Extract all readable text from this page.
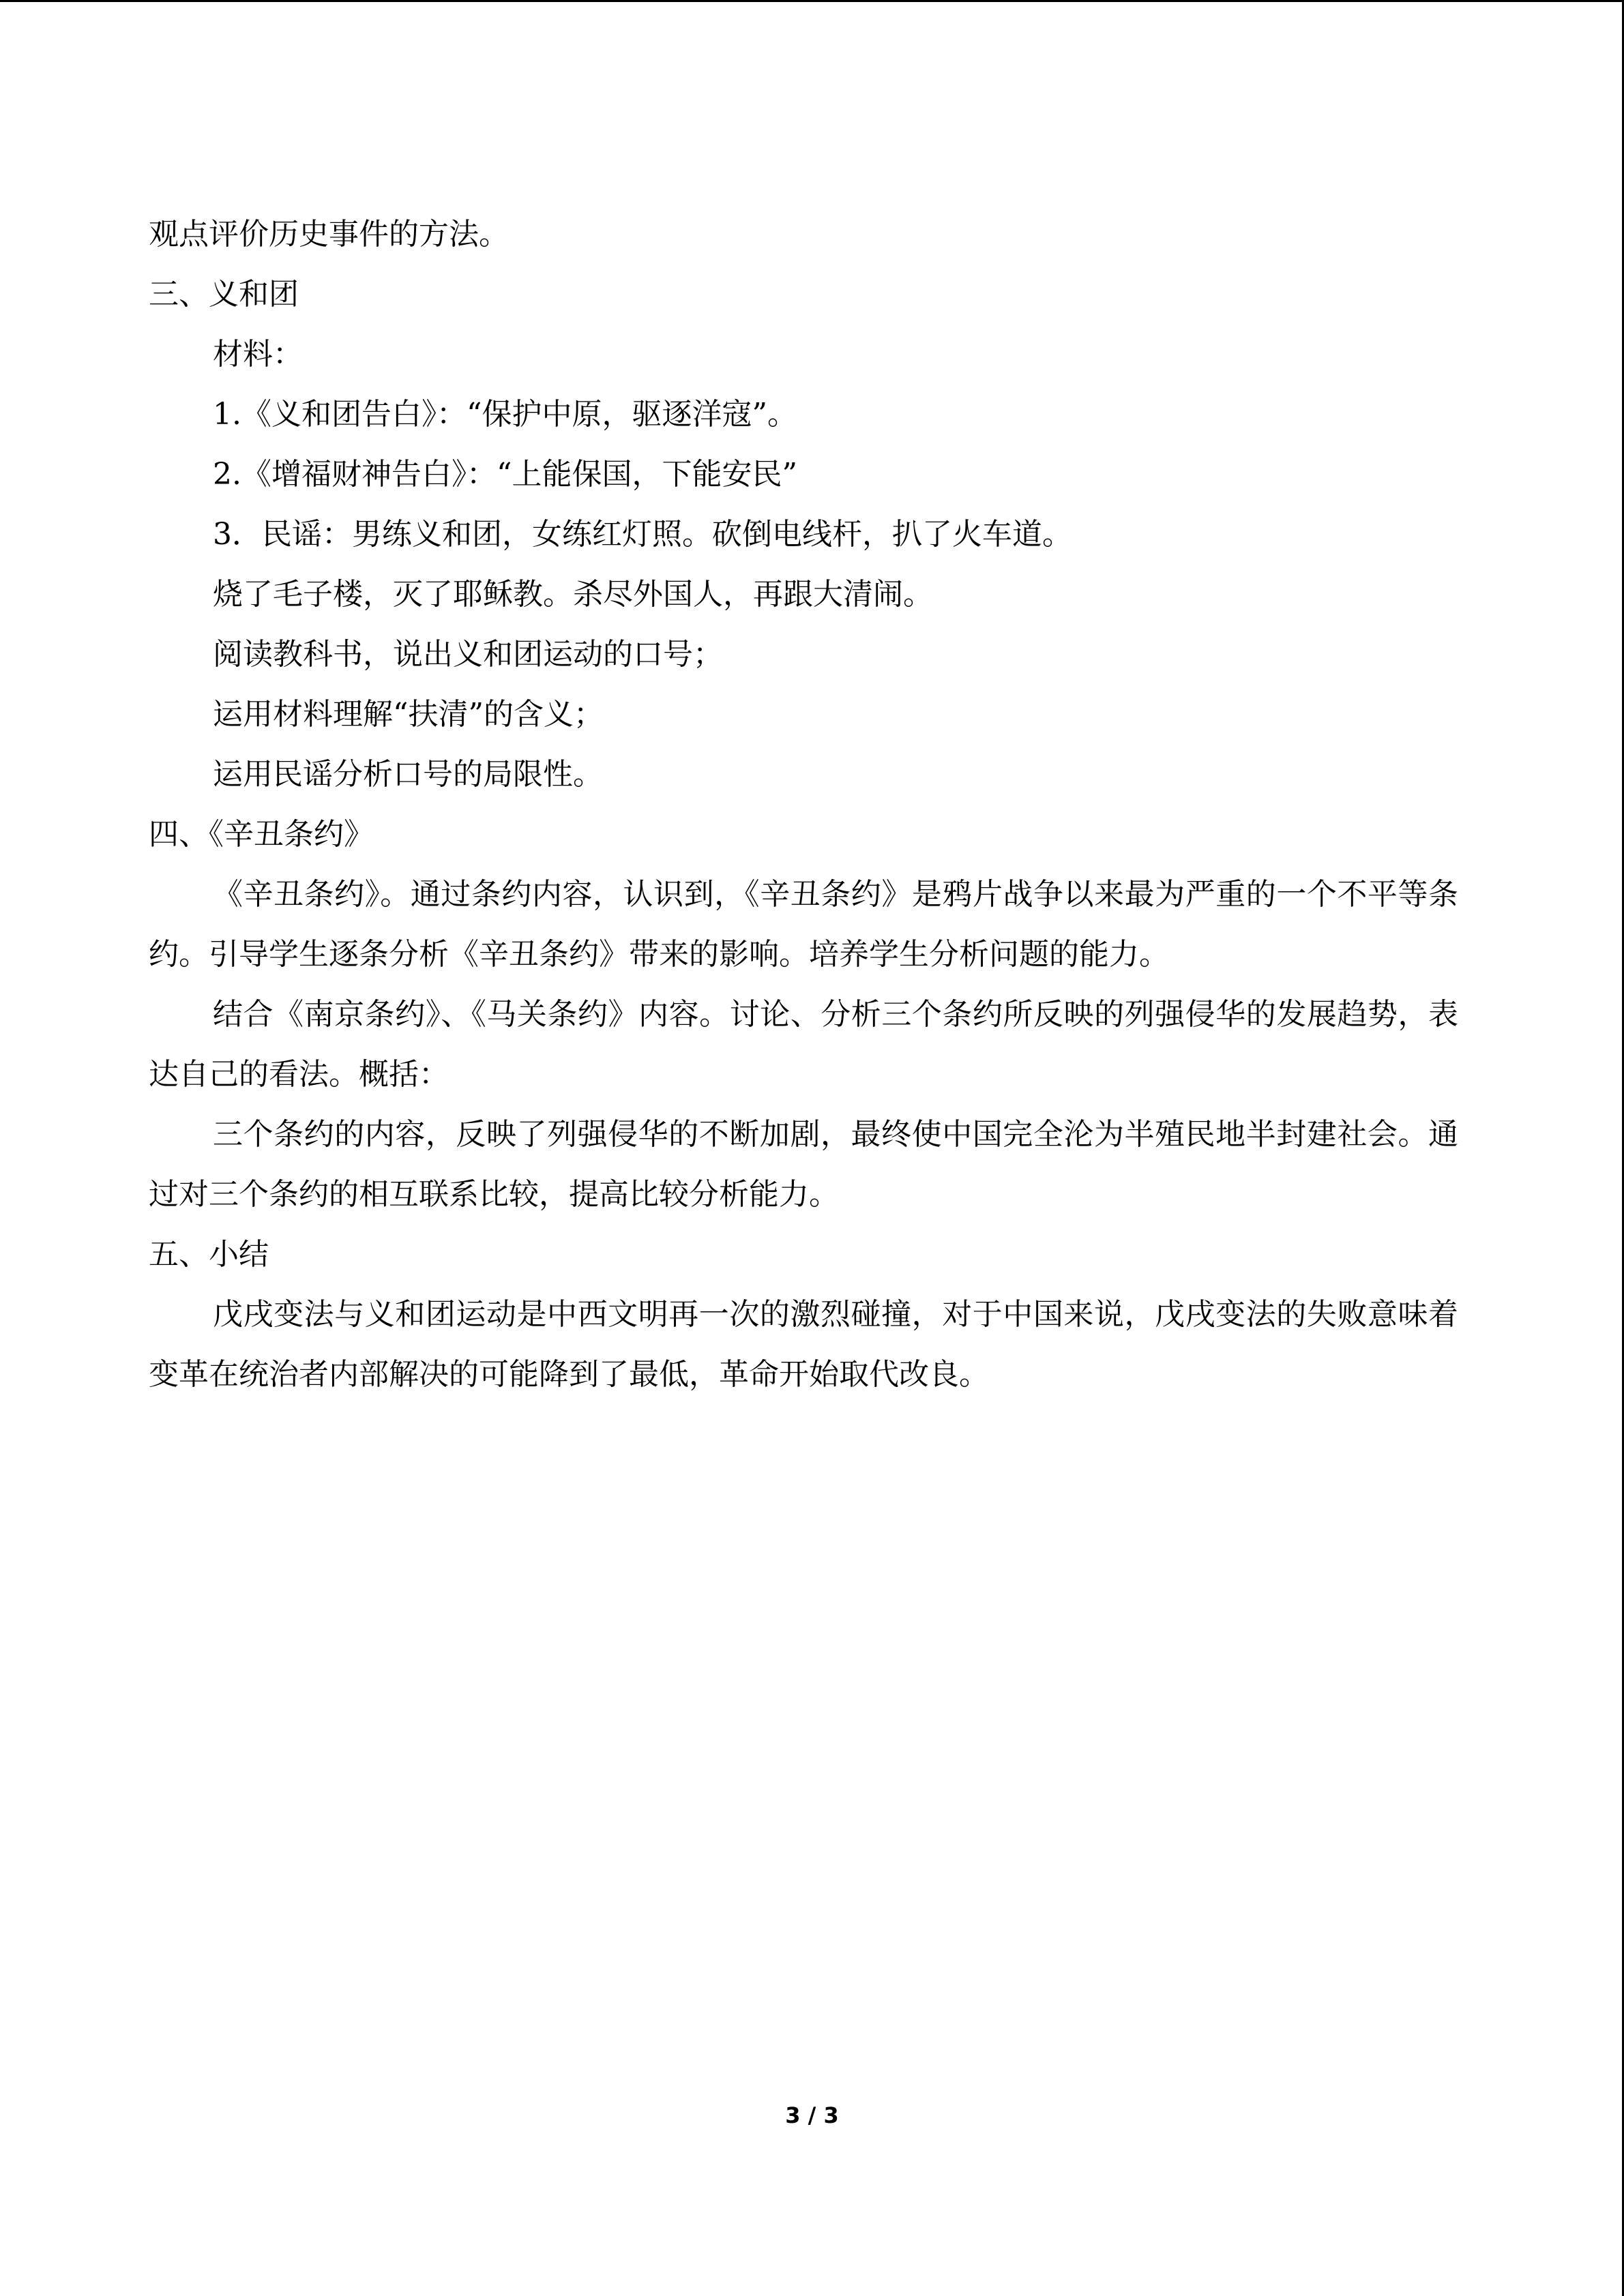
观点评价历史事件的方法。
三、义和团
材料：
1.《义和团告白》：“保护中原，驱逐洋寇”。
2.《增福财神告白》：“上能保国，下能安民”
3．民谣：男练义和团，女练红灯照。砍倒电线杆，扒了火车道。
烧了毛子楼，灭了耶稣教。杀尽外国人，再跟大清闹。
阅读教科书，说出义和团运动的口号；
运用材料理解“扶清”的含义；
运用民谣分析口号的局限性。
四、《辛丑条约》
《辛丑条约》。通过条约内容，认识到，《辛丑条约》是鸦片战争以来最为严重的一个不平等条约。引导学生逐条分析《辛丑条约》带来的影响。培养学生分析问题的能力。
结合《南京条约》、《马关条约》内容。讨论、分析三个条约所反映的列强侵华的发展趋势，表达自己的看法。概括：
三个条约的内容，反映了列强侵华的不断加剧，最终使中国完全沦为半殖民地半封建社会。通过对三个条约的相互联系比较，提高比较分析能力。
五、小结
戊戌变法与义和团运动是中西文明再一次的激烈碰撞，对于中国来说，戊戌变法的失败意味着变革在统治者内部解决的可能降到了最低，革命开始取代改良。
3 / 3
